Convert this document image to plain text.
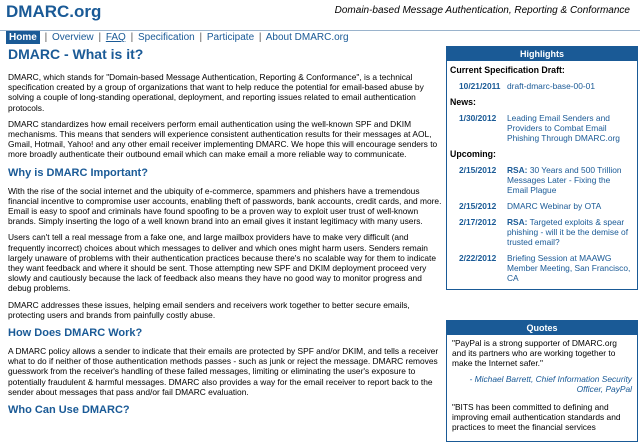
DMARC.org	Domain-based Message Authentication, Reporting & Conformance
Home | Overview | FAQ | Specification | Participate | About DMARC.org
DMARC - What is it?

DMARC, which stands for "Domain-based Message Authentication, Reporting & Conformance", is a technical specification created by a group of organizations that want to help reduce the potential for email-based abuse by solving a couple of long-standing operational, deployment, and reporting issues related to email authentication protocols.

DMARC standardizes how email receivers perform email authentication using the well-known SPF and DKIM mechanisms. This means that senders will experience consistent authentication results for their messages at AOL, Gmail, Hotmail, Yahoo! and any other email receiver implementing DMARC. We hope this will encourage senders to more broadly authenticate their outbound email which can make email a more reliable way to communicate.

Why is DMARC Important?

With the rise of the social internet and the ubiquity of e-commerce, spammers and phishers have a tremendous financial incentive to compromise user accounts, enabling theft of passwords, bank accounts, credit cards, and more. Email is easy to spoof and criminals have found spoofing to be a proven way to exploit user trust of well-known brands. Simply inserting the logo of a well known brand into an email gives it instant legitimacy with many users.

Users can't tell a real message from a fake one, and large mailbox providers have to make very difficult (and frequently incorrect) choices about which messages to deliver and which ones might harm users. Senders remain largely unaware of problems with their authentication practices because there's no scalable way for them to indicate they want feedback and where it should be sent. Those attempting new SPF and DKIM deployment proceed very slowly and cautiously because the lack of feedback also means they have no good way to monitor progress and debug problems.

DMARC addresses these issues, helping email senders and receivers work together to better secure emails, protecting users and brands from painfully costly abuse.

How Does DMARC Work?

A DMARC policy allows a sender to indicate that their emails are protected by SPF and/or DKIM, and tells a receiver what to do if neither of those authentication methods passes - such as junk or reject the message. DMARC removes guesswork from the receiver's handling of these failed messages, limiting or eliminating the user's exposure to potentially fraudulent & harmful messages. DMARC also provides a way for the email receiver to report back to the sender about messages that pass and/or fail DMARC evaluation.

Who Can Use DMARC?
Highlights
Current Specification Draft:
10/21/2011 draft-dmarc-base-00-01
News:
1/30/2012	Leading Email Senders and Providers to Combat Email Phishing Through DMARC.org
Upcoming:
2/15/2012	RSA: 30 Years and 500 Trillion Messages Later - Fixing the Email Plague
2/15/2012	DMARC Webinar by OTA
2/17/2012	RSA: Targeted exploits & spear phishing - will it be the demise of trusted email?
2/22/2012	Briefing Session at MAAWG Member Meeting, San Francisco, CA
Quotes
"PayPal is a strong supporter of DMARC.org and its partners who are working together to make the Internet safer."
- Michael Barrett, Chief Information Security Officer, PayPal
"BITS has been committed to defining and improving email authentication standards and practices to meet the financial services
